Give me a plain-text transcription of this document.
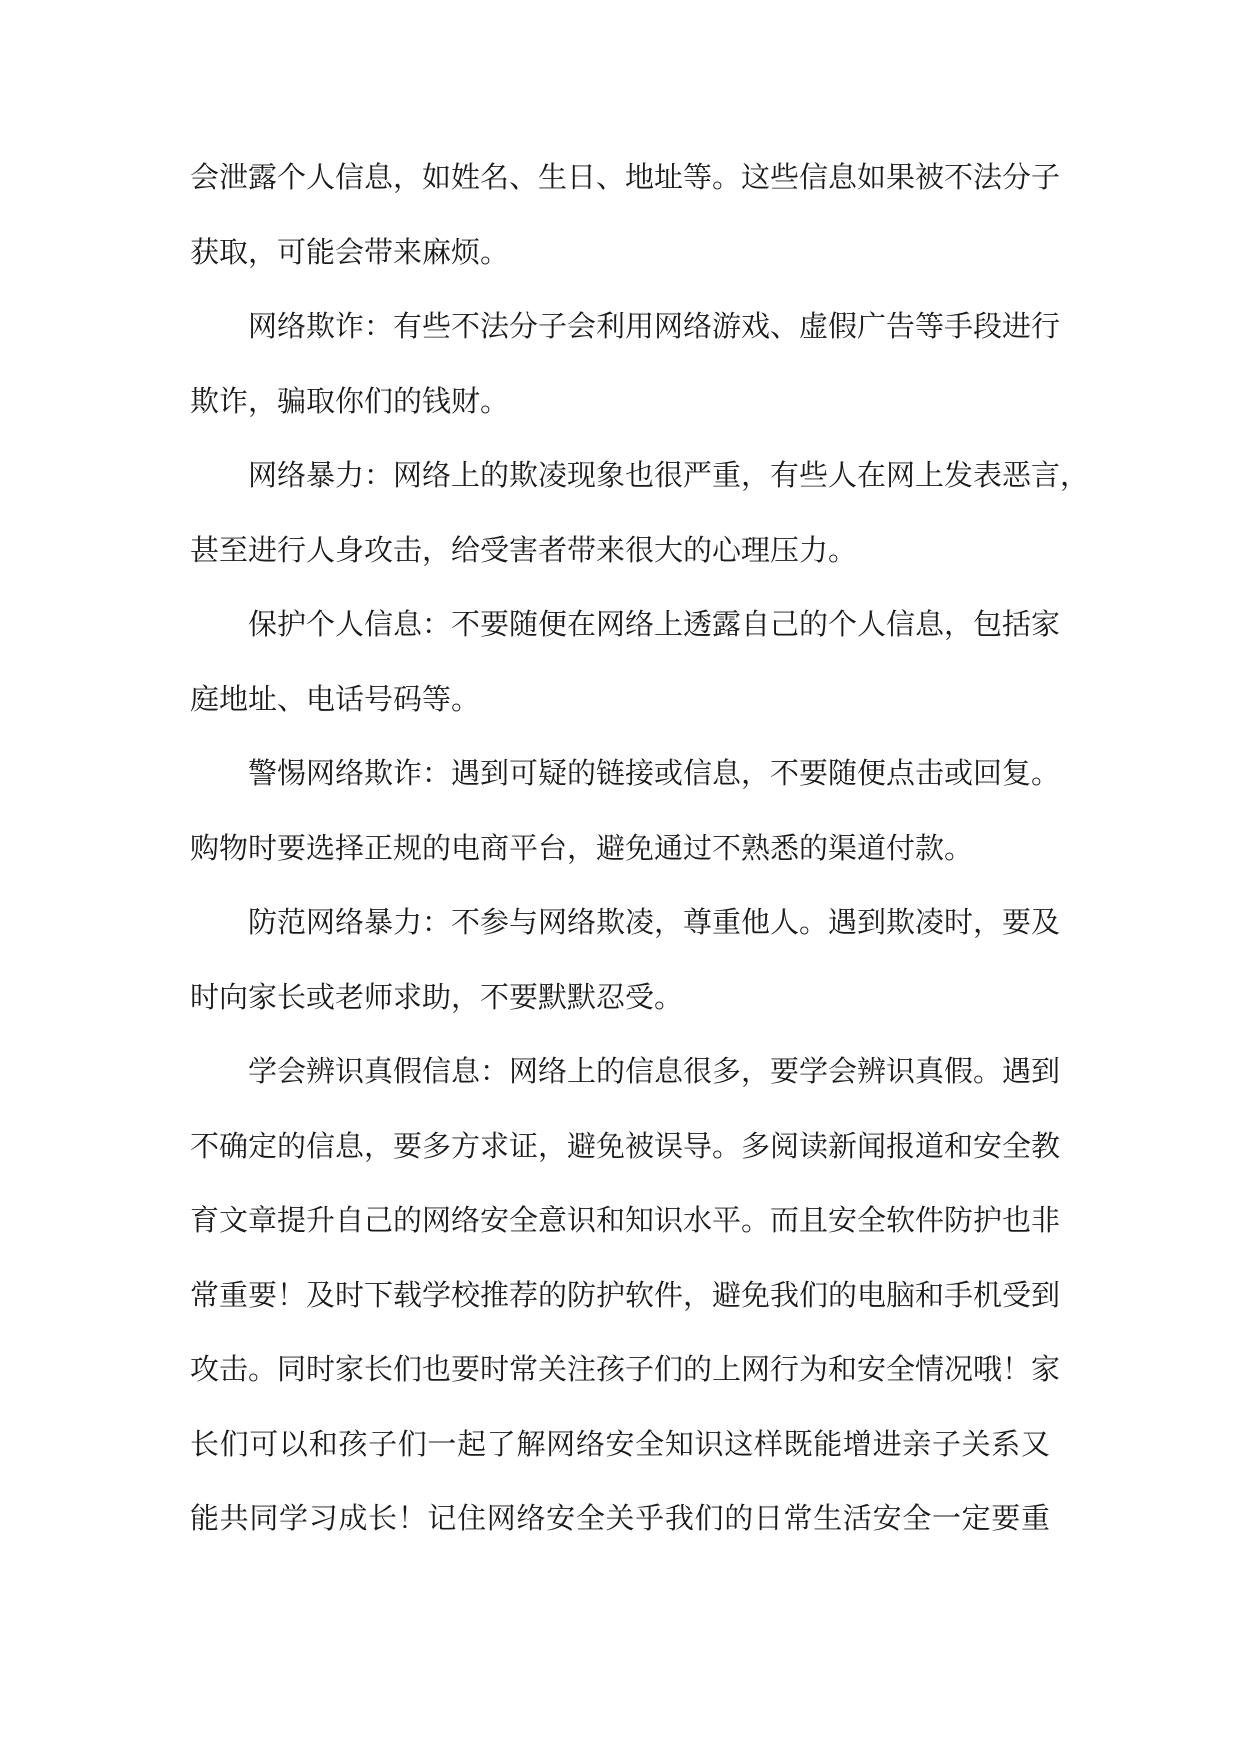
会泄露个人信息，如姓名、生日、地址等。这些信息如果被不法分子
获取，可能会带来麻烦。
网络欺诈：有些不法分子会利用网络游戏、虚假广告等手段进行
欺诈，骗取你们的钱财。
网络暴力：网络上的欺凌现象也很严重，有些人在网上发表恶言，
甚至进行人身攻击，给受害者带来很大的心理压力。
保护个人信息：不要随便在网络上透露自己的个人信息，包括家
庭地址、电话号码等。
警惕网络欺诈：遇到可疑的链接或信息，不要随便点击或回复。
购物时要选择正规的电商平台，避免通过不熟悉的渠道付款。
防范网络暴力：不参与网络欺凌，尊重他人。遇到欺凌时，要及
时向家长或老师求助，不要默默忍受。
学会辨识真假信息：网络上的信息很多，要学会辨识真假。遇到
不确定的信息，要多方求证，避免被误导。多阅读新闻报道和安全教
育文章提升自己的网络安全意识和知识水平。而且安全软件防护也非
常重要！及时下载学校推荐的防护软件，避免我们的电脑和手机受到
攻击。同时家长们也要时常关注孩子们的上网行为和安全情况哦！家
长们可以和孩子们一起了解网络安全知识这样既能增进亲子关系又
能共同学习成长！记住网络安全关乎我们的日常生活安全一定要重
